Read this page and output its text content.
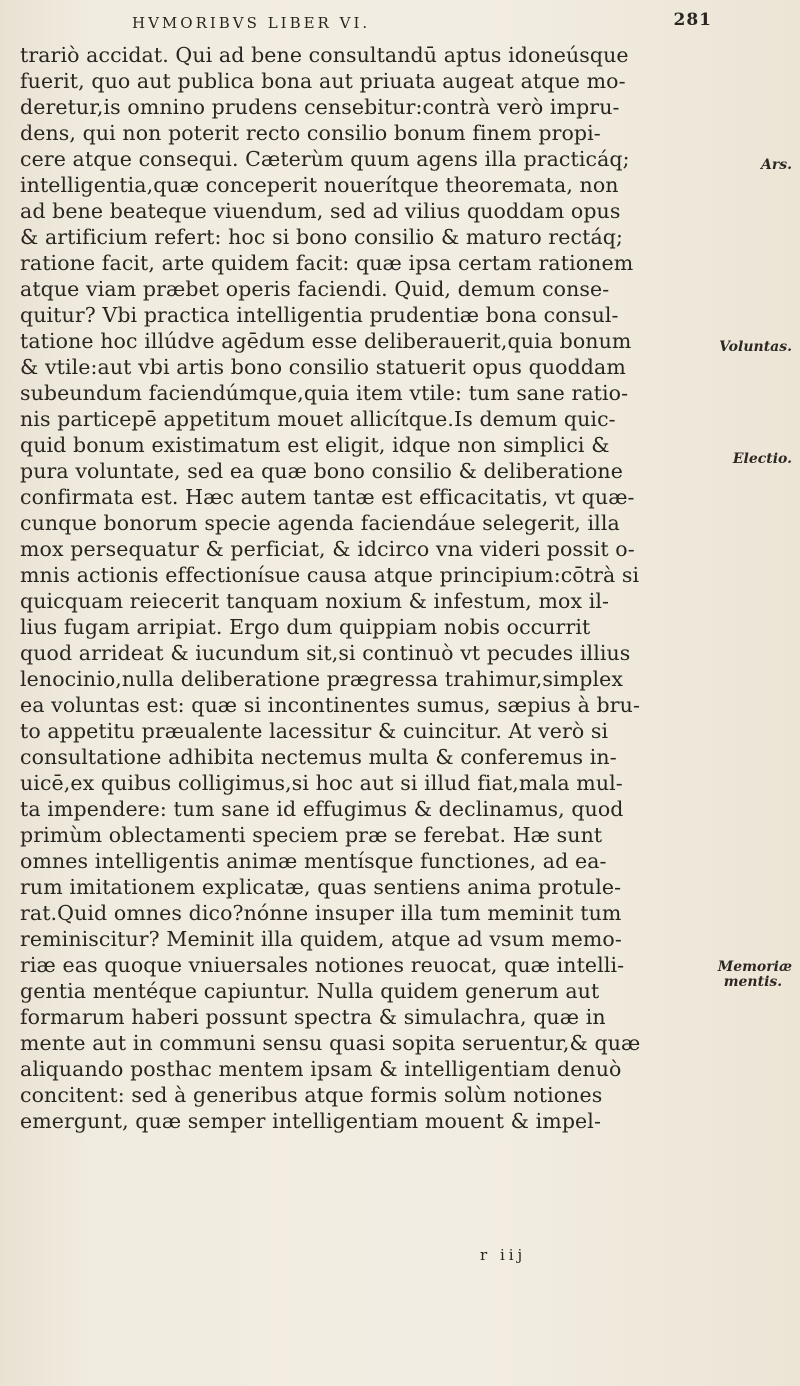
HVMORIBVS LIBER VI.	281
trariò accidat. Qui ad bene consultandū aptus idoneúsque
fuerit, quo aut publica bona aut priuata augeat atque mo-
deretur,is omnino prudens censebitur:contrà verò impru-
dens, qui non poterit recto consilio bonum finem propi-
cere atque consequi. Cæterùm quum agens illa practicáq;
intelligentia,quæ conceperit nouerítque theoremata, non
ad bene beateque viuendum, sed ad vilius quoddam opus
& artificium refert: hoc si bono consilio & maturo rectáq;
ratione facit, arte quidem facit: quæ ipsa certam rationem
atque viam præbet operis faciendi. Quid, demum conse-
quitur? Vbi practica intelligentia prudentiæ bona consul-
tatione hoc illúdve agēdum esse deliberauerit,quia bonum
& vtile:aut vbi artis bono consilio statuerit opus quoddam
subeundum faciendúmque,quia item vtile: tum sane ratio-
nis particepē appetitum mouet allicítque.Is demum quic-
quid bonum existimatum est eligit, idque non simplici &
pura voluntate, sed ea quæ bono consilio & deliberatione
confirmata est. Hæc autem tantæ est efficacitatis, vt quæ-
cunque bonorum specie agenda faciendáue selegerit, illa
mox persequatur & perficiat, & idcirco vna videri possit o-
mnis actionis effectionísue causa atque principium:cōtrà si
quicquam reiecerit tanquam noxium & infestum, mox il-
lius fugam arripiat. Ergo dum quippiam nobis occurrit
quod arrideat & iucundum sit,si continuò vt pecudes illius
lenocinio,nulla deliberatione prægressa trahimur,simplex
ea voluntas est: quæ si incontinentes sumus, sæpius à bru-
to appetitu præualente lacessitur & cuincitur. At verò si
consultatione adhibita nectemus multa & conferemus in-
uicē,ex quibus colligimus,si hoc aut si illud fiat,mala mul-
ta impendere: tum sane id effugimus & declinamus, quod
primùm oblectamenti speciem præ se ferebat. Hæ sunt
omnes intelligentis animæ mentísque functiones, ad ea-
rum imitationem explicatæ, quas sentiens anima protule-
rat.Quid omnes dico?nónne insuper illa tum meminit tum
reminiscitur? Meminit illa quidem, atque ad vsum memo-
riæ eas quoque vniuersales notiones reuocat, quæ intelli-
gentia mentéque capiuntur. Nulla quidem generum aut
formarum haberi possunt spectra & simulachra, quæ in
mente aut in communi sensu quasi sopita seruentur,& quæ
aliquando posthac mentem ipsam & intelligentiam denuò
concitent: sed à generibus atque formis solùm notiones
emergunt, quæ semper intelligentiam mouent & impel-
Ars.
Voluntas.
Electio.
Memoriæ
mentis.
r iij
